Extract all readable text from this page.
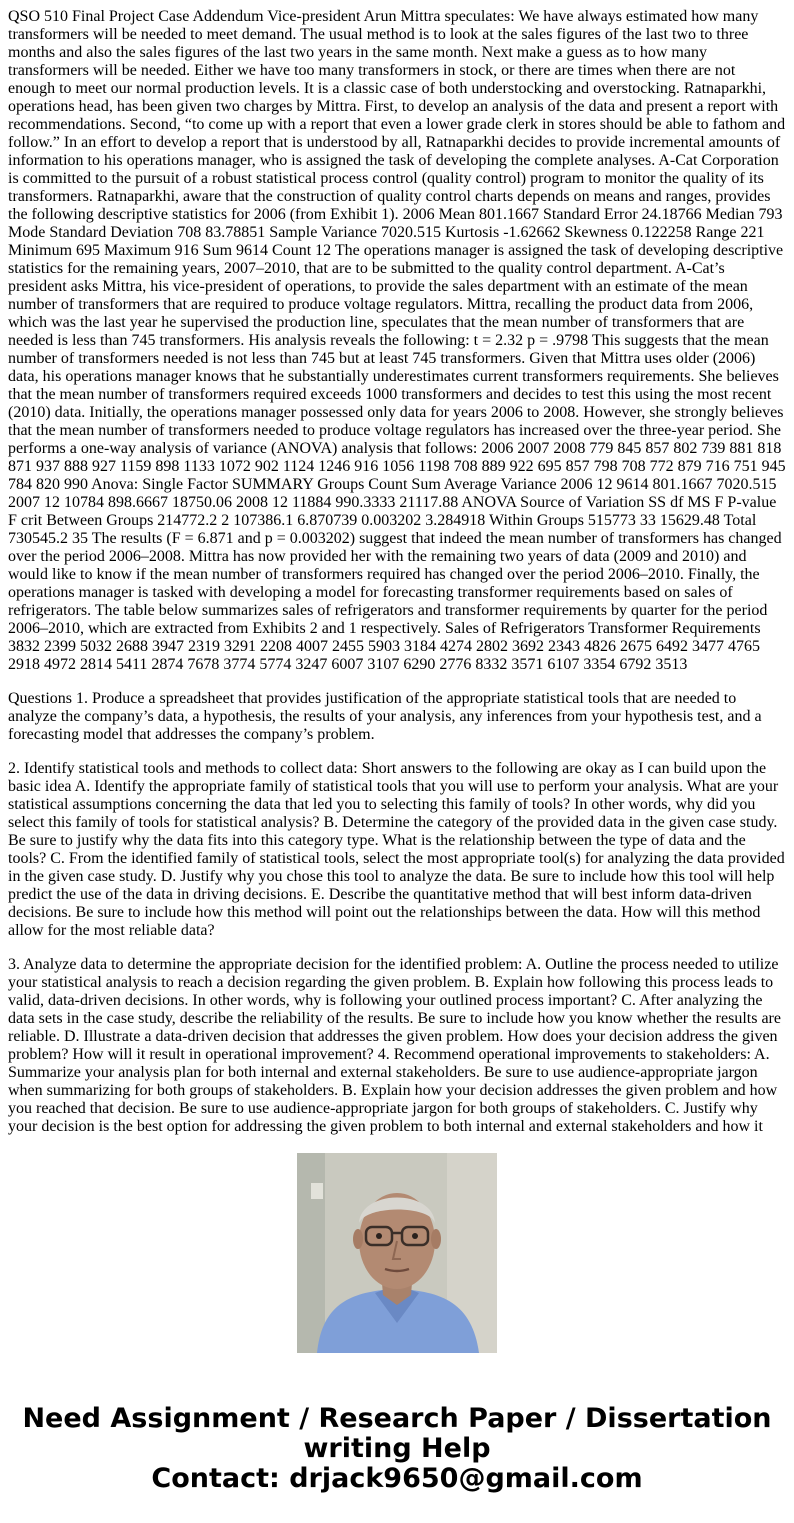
QSO 510 Final Project Case Addendum Vice-president Arun Mittra speculates: We have always estimated how many transformers will be needed to meet demand. The usual method is to look at the sales figures of the last two to three months and also the sales figures of the last two years in the same month. Next make a guess as to how many transformers will be needed. Either we have too many transformers in stock, or there are times when there are not enough to meet our normal production levels. It is a classic case of both understocking and overstocking. Ratnaparkhi, operations head, has been given two charges by Mittra. First, to develop an analysis of the data and present a report with recommendations. Second, “to come up with a report that even a lower grade clerk in stores should be able to fathom and follow.” In an effort to develop a report that is understood by all, Ratnaparkhi decides to provide incremental amounts of information to his operations manager, who is assigned the task of developing the complete analyses. A-Cat Corporation is committed to the pursuit of a robust statistical process control (quality control) program to monitor the quality of its transformers. Ratnaparkhi, aware that the construction of quality control charts depends on means and ranges, provides the following descriptive statistics for 2006 (from Exhibit 1). 2006 Mean 801.1667 Standard Error 24.18766 Median 793 Mode Standard Deviation 708 83.78851 Sample Variance 7020.515 Kurtosis -1.62662 Skewness 0.122258 Range 221 Minimum 695 Maximum 916 Sum 9614 Count 12 The operations manager is assigned the task of developing descriptive statistics for the remaining years, 2007–2010, that are to be submitted to the quality control department. A-Cat’s president asks Mittra, his vice-president of operations, to provide the sales department with an estimate of the mean number of transformers that are required to produce voltage regulators. Mittra, recalling the product data from 2006, which was the last year he supervised the production line, speculates that the mean number of transformers that are needed is less than 745 transformers. His analysis reveals the following: t = 2.32 p = .9798 This suggests that the mean number of transformers needed is not less than 745 but at least 745 transformers. Given that Mittra uses older (2006) data, his operations manager knows that he substantially underestimates current transformers requirements. She believes that the mean number of transformers required exceeds 1000 transformers and decides to test this using the most recent (2010) data. Initially, the operations manager possessed only data for years 2006 to 2008. However, she strongly believes that the mean number of transformers needed to produce voltage regulators has increased over the three-year period. She performs a one-way analysis of variance (ANOVA) analysis that follows: 2006 2007 2008 779 845 857 802 739 881 818 871 937 888 927 1159 898 1133 1072 902 1124 1246 916 1056 1198 708 889 922 695 857 798 708 772 879 716 751 945 784 820 990 Anova: Single Factor SUMMARY Groups Count Sum Average Variance 2006 12 9614 801.1667 7020.515 2007 12 10784 898.6667 18750.06 2008 12 11884 990.3333 21117.88 ANOVA Source of Variation SS df MS F P-value F crit Between Groups 214772.2 2 107386.1 6.870739 0.003202 3.284918 Within Groups 515773 33 15629.48 Total 730545.2 35 The results (F = 6.871 and p = 0.003202) suggest that indeed the mean number of transformers has changed over the period 2006–2008. Mittra has now provided her with the remaining two years of data (2009 and 2010) and would like to know if the mean number of transformers required has changed over the period 2006–2010. Finally, the operations manager is tasked with developing a model for forecasting transformer requirements based on sales of refrigerators. The table below summarizes sales of refrigerators and transformer requirements by quarter for the period 2006–2010, which are extracted from Exhibits 2 and 1 respectively. Sales of Refrigerators Transformer Requirements 3832 2399 5032 2688 3947 2319 3291 2208 4007 2455 5903 3184 4274 2802 3692 2343 4826 2675 6492 3477 4765 2918 4972 2814 5411 2874 7678 3774 5774 3247 6007 3107 6290 2776 8332 3571 6107 3354 6792 3513

Questions 1. Produce a spreadsheet that provides justification of the appropriate statistical tools that are needed to analyze the company’s data, a hypothesis, the results of your analysis, any inferences from your hypothesis test, and a forecasting model that addresses the company’s problem.

2. Identify statistical tools and methods to collect data: Short answers to the following are okay as I can build upon the basic idea A. Identify the appropriate family of statistical tools that you will use to perform your analysis. What are your statistical assumptions concerning the data that led you to selecting this family of tools? In other words, why did you select this family of tools for statistical analysis? B. Determine the category of the provided data in the given case study. Be sure to justify why the data fits into this category type. What is the relationship between the type of data and the tools? C. From the identified family of statistical tools, select the most appropriate tool(s) for analyzing the data provided in the given case study. D. Justify why you chose this tool to analyze the data. Be sure to include how this tool will help predict the use of the data in driving decisions. E. Describe the quantitative method that will best inform data-driven decisions. Be sure to include how this method will point out the relationships between the data. How will this method allow for the most reliable data?

3. Analyze data to determine the appropriate decision for the identified problem: A. Outline the process needed to utilize your statistical analysis to reach a decision regarding the given problem. B. Explain how following this process leads to valid, data-driven decisions. In other words, why is following your outlined process important? C. After analyzing the data sets in the case study, describe the reliability of the results. Be sure to include how you know whether the results are reliable. D. Illustrate a data-driven decision that addresses the given problem. How does your decision address the given problem? How will it result in operational improvement? 4. Recommend operational improvements to stakeholders: A. Summarize your analysis plan for both internal and external stakeholders. Be sure to use audience-appropriate jargon when summarizing for both groups of stakeholders. B. Explain how your decision addresses the given problem and how you reached that decision. Be sure to use audience-appropriate jargon for both groups of stakeholders. C. Justify why your decision is the best option for addressing the given problem to both internal and external stakeholders and how it

Need Assignment / Research Paper / Dissertation
writing Help
Contact: drjack9650@gmail.com
